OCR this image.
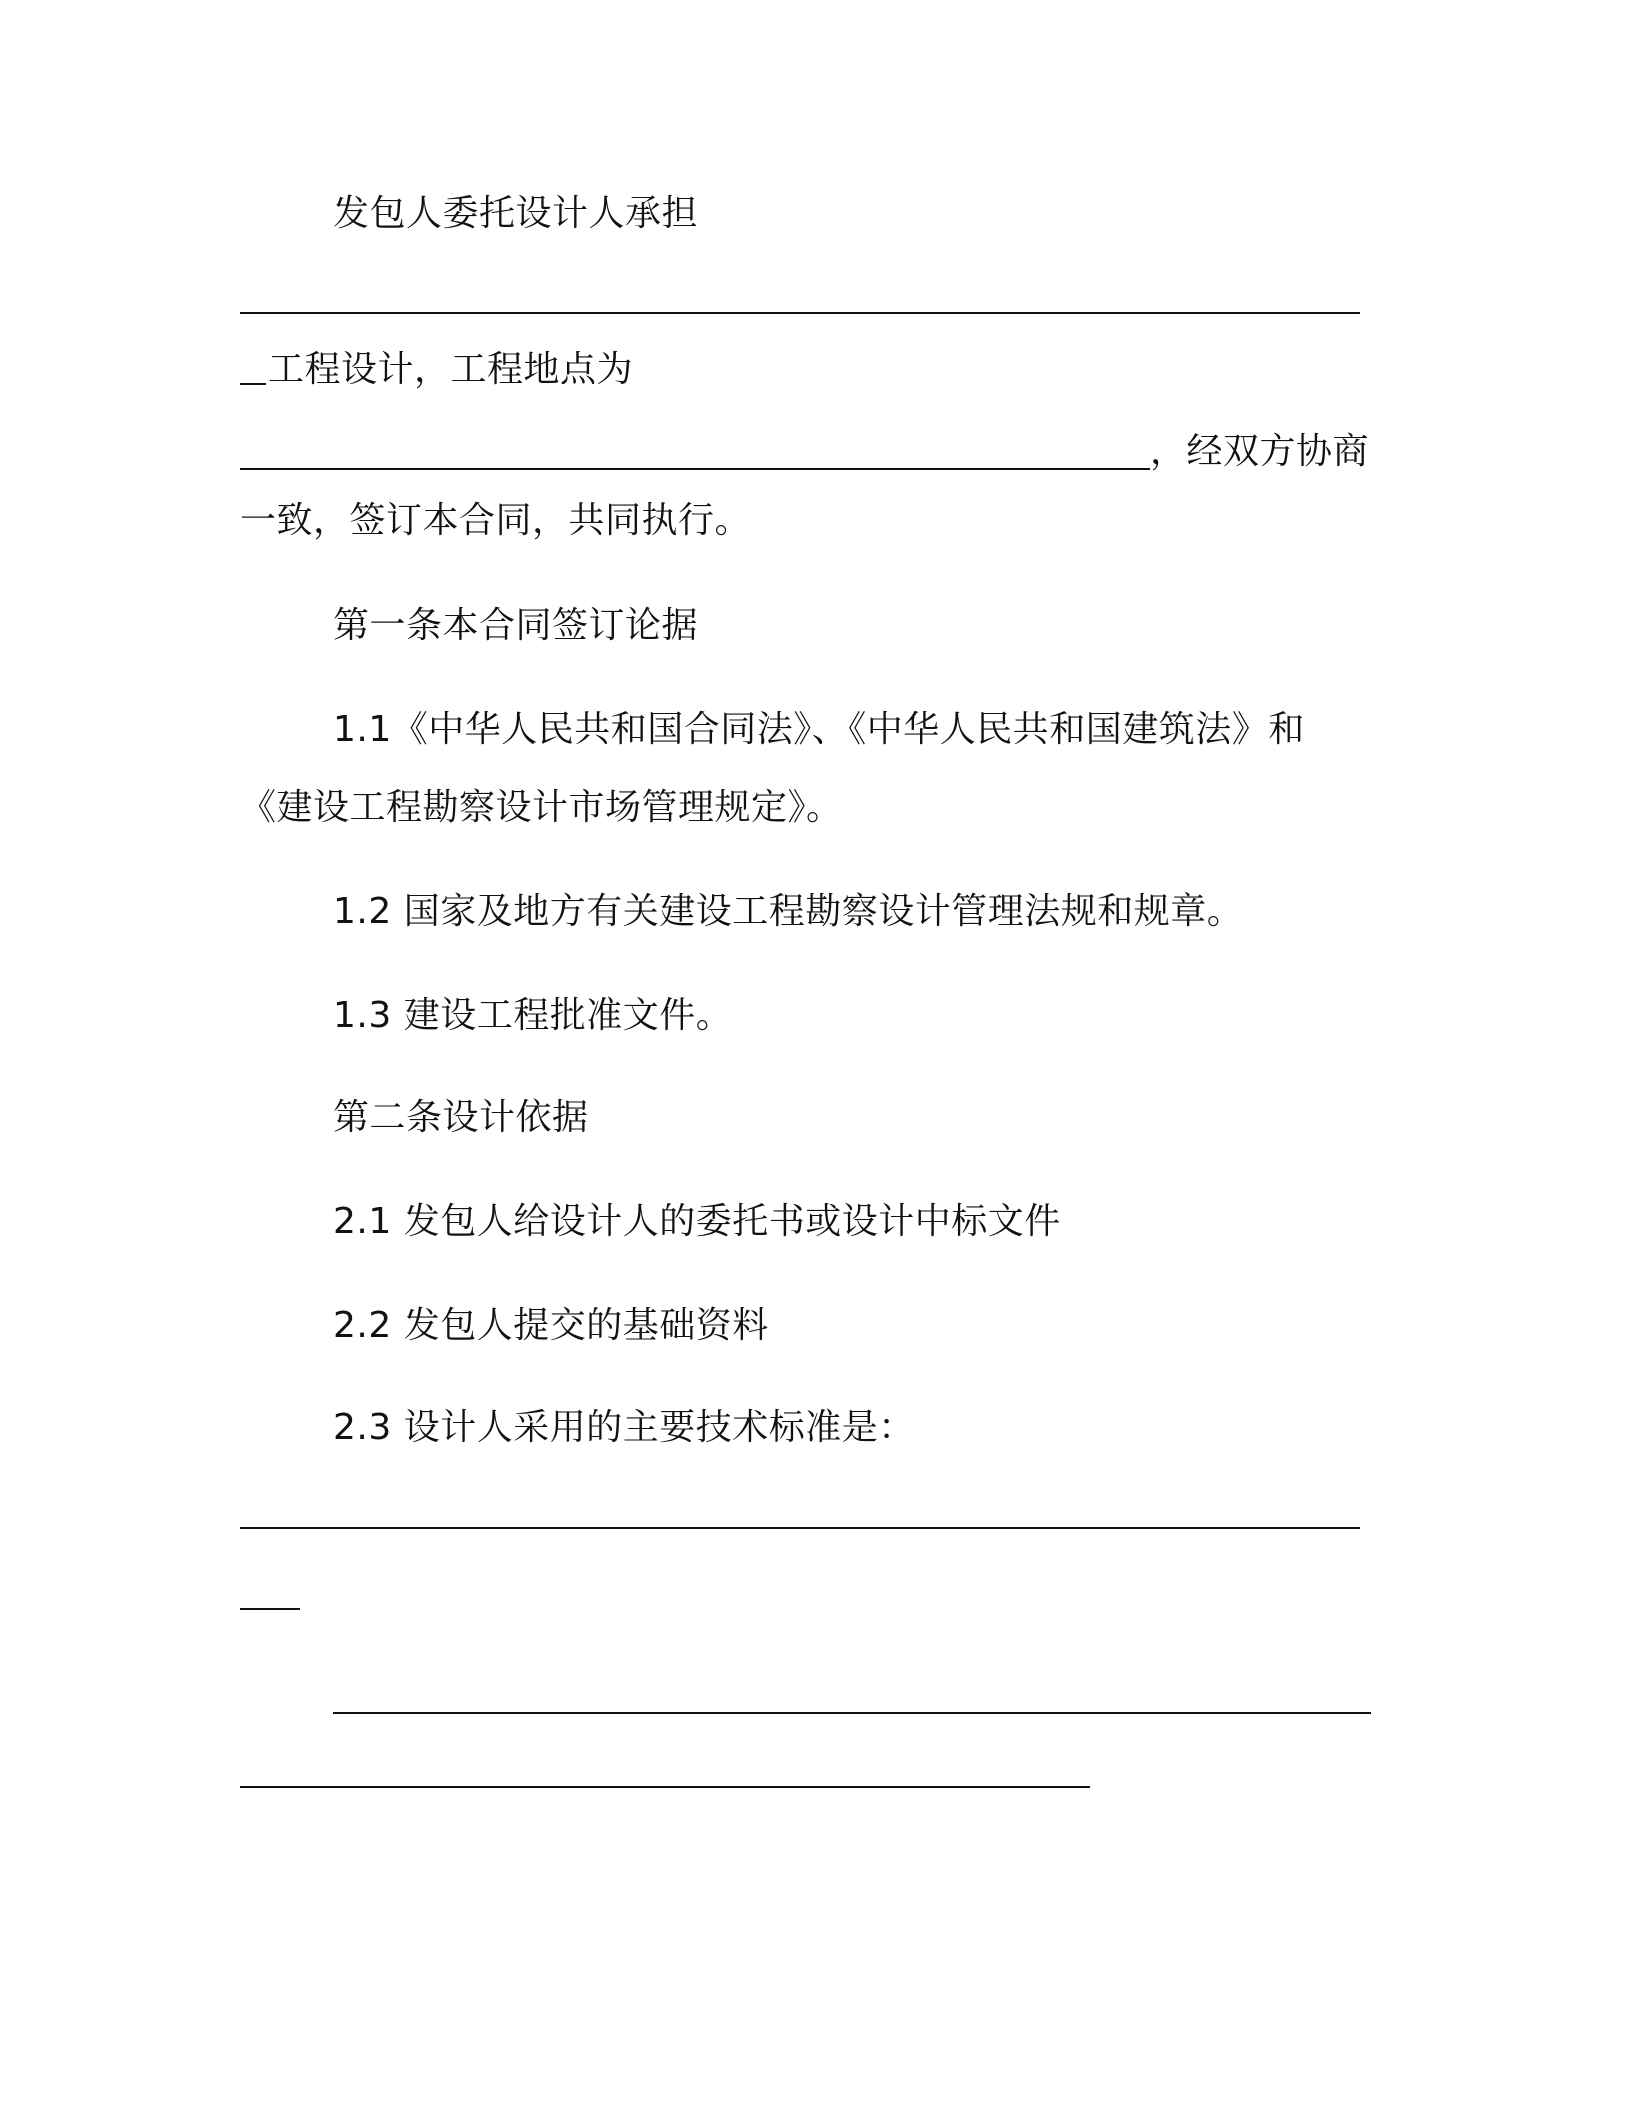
发包人委托设计人承担
工程设计，工程地点为
，经双方协商
一致，签订本合同，共同执行。
第一条本合同签订论据
1.1《中华人民共和国合同法》、《中华人民共和国建筑法》和
《建设工程勘察设计市场管理规定》。
1.2 国家及地方有关建设工程勘察设计管理法规和规章。
1.3 建设工程批准文件。
第二条设计依据
2.1 发包人给设计人的委托书或设计中标文件
2.2 发包人提交的基础资料
2.3 设计人采用的主要技术标准是：
